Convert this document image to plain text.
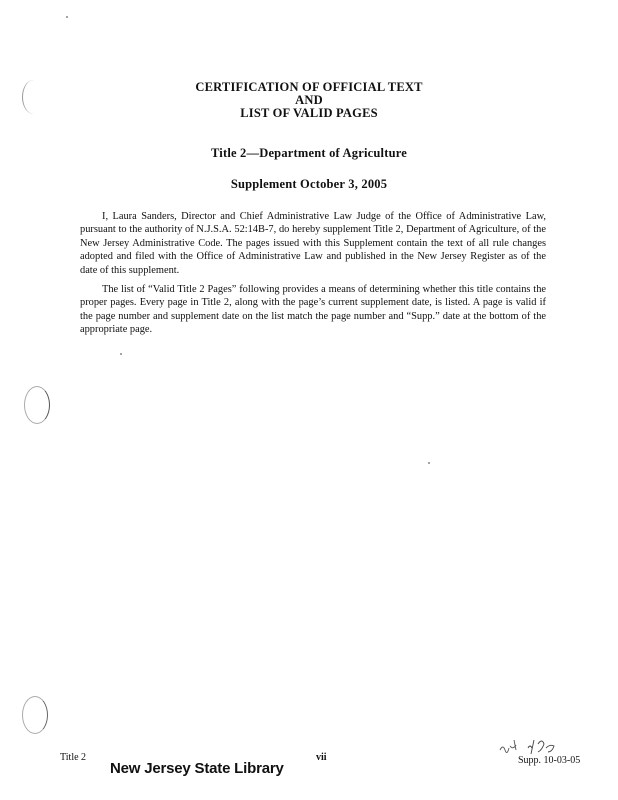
CERTIFICATION OF OFFICIAL TEXT
AND
LIST OF VALID PAGES
Title 2—Department of Agriculture
Supplement October 3, 2005

I, Laura Sanders, Director and Chief Administrative Law Judge of the Office of Administrative Law, pursuant to the authority of N.J.S.A. 52:14B-7, do hereby supplement Title 2, Department of Agriculture, of the New Jersey Administrative Code. The pages issued with this Supplement contain the text of all rule changes adopted and filed with the Office of Administrative Law and published in the New Jersey Register as of the date of this supplement.

The list of “Valid Title 2 Pages” following provides a means of determining whether this title contains the proper pages. Every page in Title 2, along with the page’s current supplement date, is listed. A page is valid if the page number and supplement date on the list match the page number and “Supp.” date at the bottom of the appropriate page.

Title 2	vii	Supp. 10-03-05
New Jersey State Library
